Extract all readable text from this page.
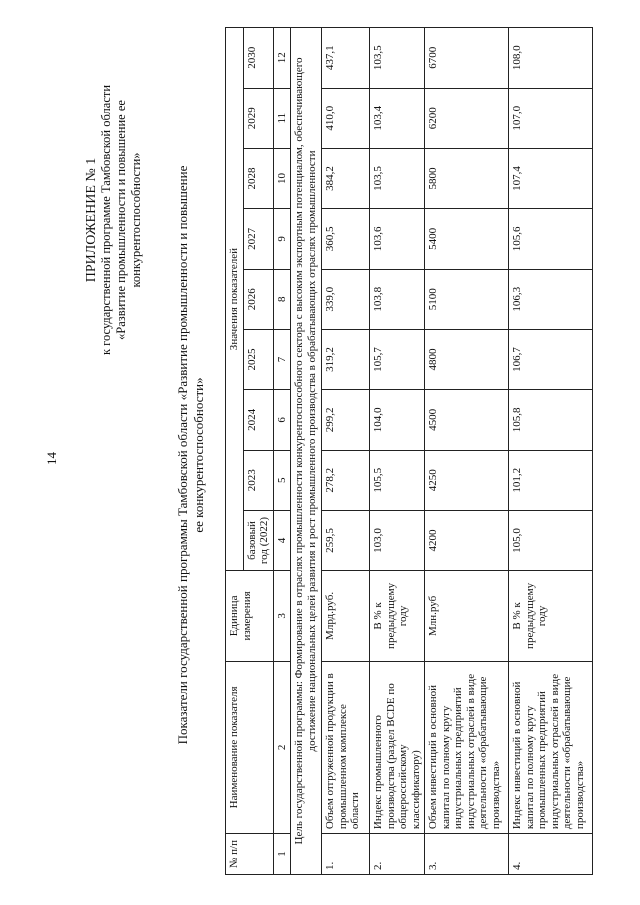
14
ПРИЛОЖЕНИЕ № 1 к государственной программе Тамбовской области «Развитие промышленности и повышение ее конкурентоспособности» Показатели государственной программы Тамбовской области «Развитие промышленности и повышение ее конкурентоспособности»
№ п/п	Наименование показателя	Единица измерения	Значения показателей								
			базовый год (2022)	2023	2024	2025	2026	2027	2028	2029	2030
1	2	3	4	5	6	7	8	9	10	11	12
Цель государственной программы: Формирование в отраслях промышленности конкурентоспособного сектора с высоким экспортным потенциалом, обеспечивающего достижение национальных целей развития и рост промышленного производства в обрабатывающих отраслях промышленности											
1.	Объем отгруженной продукции в промышленном комплексе области	Млрд.руб.	259,5	278,2	299,2	319,2	339,0	360,5	384,2	410,0	437,1
2.	Индекс промышленного производства (раздел BCDE по общероссийскому классификатору)	В % к предыдущему году	103,0	105,5	104,0	105,7	103,8	103,6	103,5	103,4	103,5
3.	Объем инвестиций в основной капитал по полному кругу индустриальных предприятий индустриальных отраслей в виде деятельности «обрабатывающие производства»	Млн.руб	4200	4250	4500	4800	5100	5400	5800	6200	6700
4.	Индекс инвестиций в основной капитал по полному кругу промышленных предприятий индустриальных отраслей в виде деятельности «обрабатывающие производства»	В % к предыдущему году	105,0	101,2	105,8	106,7	106,3	105,6	107,4	107,0	108,0
